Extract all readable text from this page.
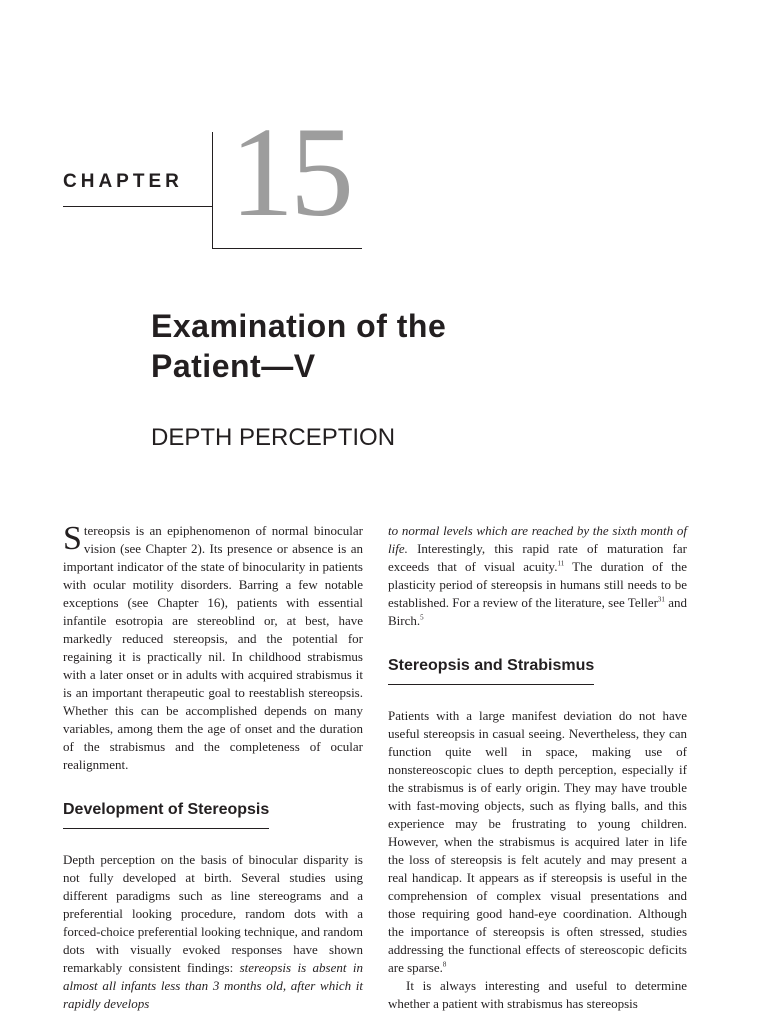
CHAPTER 15
Examination of the
Patient—V
DEPTH PERCEPTION

Stereopsis is an epiphenomenon of normal binocular vision (see Chapter 2). Its presence or absence is an important indicator of the state of binocularity in patients with ocular motility disorders. Barring a few notable exceptions (see Chapter 16), patients with essential infantile esotropia are stereoblind or, at best, have markedly reduced stereopsis, and the potential for regaining it is practically nil. In childhood strabismus with a later onset or in adults with acquired strabismus it is an important therapeutic goal to reestablish stereopsis. Whether this can be accomplished depends on many variables, among them the age of onset and the duration of the strabismus and the completeness of ocular realignment.

Development of Stereopsis

Depth perception on the basis of binocular disparity is not fully developed at birth. Several studies using different paradigms such as line stereograms and a preferential looking procedure, random dots with a forced-choice preferential looking technique, and random dots with visually evoked responses have shown remarkably consistent findings: stereopsis is absent in almost all infants less than 3 months old, after which it rapidly develops

to normal levels which are reached by the sixth month of life. Interestingly, this rapid rate of maturation far exceeds that of visual acuity.$^{11}$ The duration of the plasticity period of stereopsis in humans still needs to be established. For a review of the literature, see Teller$^{31}$ and Birch.$^5$

Stereopsis and Strabismus

Patients with a large manifest deviation do not have useful stereopsis in casual seeing. Nevertheless, they can function quite well in space, making use of nonstereoscopic clues to depth perception, especially if the strabismus is of early origin. They may have trouble with fast-moving objects, such as flying balls, and this experience may be frustrating to young children. However, when the strabismus is acquired later in life the loss of stereopsis is felt acutely and may present a real handicap. It appears as if stereopsis is useful in the comprehension of complex visual presentations and those requiring good hand-eye coordination. Although the importance of stereopsis is often stressed, studies addressing the functional effects of stereoscopic deficits are sparse.$^8$

It is always interesting and useful to determine whether a patient with strabismus has stereopsis
